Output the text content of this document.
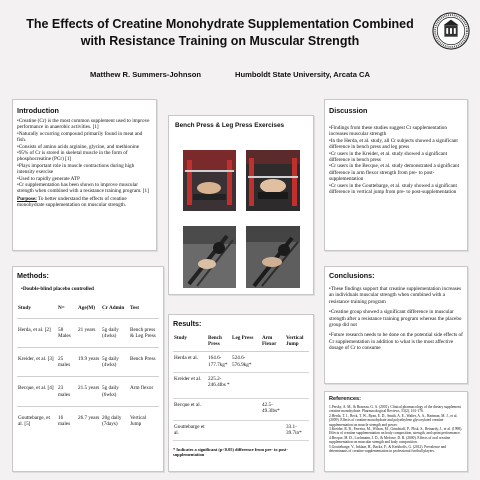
The Effects of Creatine Monohydrate Supplementation Combined with Resistance Training on Muscular Strength
Matthew R. Summers-Johnson	Humboldt State University, Arcata CA
Introduction

•Creatine (Cr) is the most common supplement used to improve performance in anaerobic activities. [1]

•Naturally occurring compound primarily found in meat and fish.

•Consists of amino acids arginine, glycine, and methionine

•95% of Cr is stored in skeletal muscle in the form of phosphocreatine (PCr) [1]

•Plays important role in muscle contractions during high intensity exercise

•Used to rapidly generate ATP

•Cr supplementation has been shown to improve muscular strength when combined with a resistance training program. [1]

Purpose: To better understand the effects of creatine monohydrate supplementation on muscular strength.

Bench Press & Leg Press Exercises
Discussion

•Findings from these studies suggest Cr supplementation increases muscular strength

•In the Herda, et al. study, all Cr subjects showed a significant difference in bench press and leg press

•Cr users in the Kreider, et al. study showed a significant difference in bench press

•Cr users in the Becque, et al. study demonstrated a significant difference in arm flexor strength from pre- to post-supplementation

•Cr users in the Gouttebarge, et al. study showed a significant difference in vertical jump from pre- to post-supplementation

Methods:
•Double-blind placebo controlled
Study	N=	Age(M)	Cr Admin	Test
Herda, et al. [2]	58 Males	21 years	5g daily (4wks)	Bench press & Leg Press
Kreider, et al. [3]	25 males	19.9 years	5g daily (4wks)	Bench Press
Becque, et al. [4]	23 males	21.5 years	5g daily (6wks)	Arm flexor
Gouttebarge, et al. [5]	16 males	26.7 years	20g daily (7days)	Vertical Jump
Results:
Study	Bench Press	Leg Press	Arm Flexor	Vertical Jump
Herda et al.	164.6-177.7kg*	524.6-576.9kg*		
Kreider et al.	225.2-246.4lbs *			
Becque et al.			42.5-49.3lbs*	
Gouttebarge et al.				33.1-39.7in*
* Indicates a significant (p<0.05) difference from pre- to post-supplementation
Conclusions:

•These findings support that creatine supplementation increases an individuals muscular strength when combined with a resistance training program

•Creatine group showed a significant difference in muscular strength after a resistance training program whereas the placebo group did not

•Future research needs to be done on the potential side effects of Cr supplementation in addition to what is the most affective dosage of Cr to consume

References:

1.Persky, A. M., & Brazeau, G. A. (2001). Clinical pharmacology of the dietary supplement creatine monohydrate. Pharmacological Reviews, 53(2), 161-176.

2.Herda, T. J., Beck, T. W., Ryan, E. D., Smith, A. E., Walter, A. A., Hartman, M. J., et al. (2009). Effects of creatine monohydrate and polyethylene glycosylated creatine supplementation on muscle strength and power.

3.Kreider, R. B., Ferreira, M., Wilson, M., Grindstaff, P., Plisk, S., Reinardy, J., et al. (1998). Effects of creatine supplementation on body composition, strength, and sprint performance.

4.Becque, M. D., Lochmann, J. D., & Melrose, D. R. (2000). Effects of oral creatine supplementation on muscular strength and body composition.

5.Gouttebarge, V., Inklaar, H., Backx, F., & Kerkhoffs, G. (2012). Prevalence and determinants of creatine supplementation in professional football players.
